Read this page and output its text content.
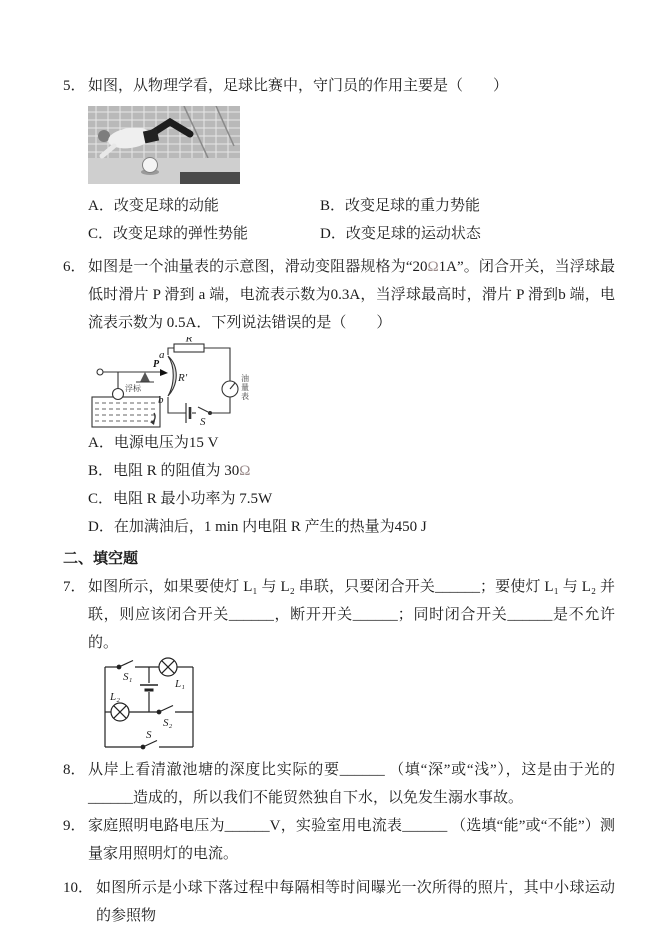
5． 如图，从物理学看，足球比赛中，守门员的作用主要是（　　）
A．改变足球的动能	B．改变足球的重力势能
C．改变足球的弹性势能	D．改变足球的运动状态
6． 如图是一个油量表的示意图，滑动变阻器规格为“20Ω1A”。闭合开关，当浮球最低时滑片 P 滑到 a 端，电流表示数为0.3A，当浮球最高时，滑片 P 滑到b 端，电流表示数为 0.5A．下列说法错误的是（　　）
R
a
b
P
R′
S
浮标
油
量
表
A．电源电压为15 V
B．电阻 R 的阻值为 30Ω
C．电阻 R 最小功率为 7.5W
D．在加满油后，1 min 内电阻 R 产生的热量为450 J
二、填空题
7． 如图所示，如果要使灯 L₁ 与 L₂ 串联，只要闭合开关______；要使灯 L₁ 与 L₂ 并联，则应该闭合开关______，断开开关______；同时闭合开关______是不允许的。
S₁
L₁
L₂
S₂
S
8． 从岸上看清澈池塘的深度比实际的要______ （填“深”或“浅”），这是由于光的______造成的，所以我们不能贸然独自下水，以免发生溺水事故。
9． 家庭照明电路电压为______V，实验室用电流表______ （选填“能”或“不能”）测量家用照明灯的电流。
10． 如图所示是小球下落过程中每隔相等时间曝光一次所得的照片，其中小球运动的参照物
